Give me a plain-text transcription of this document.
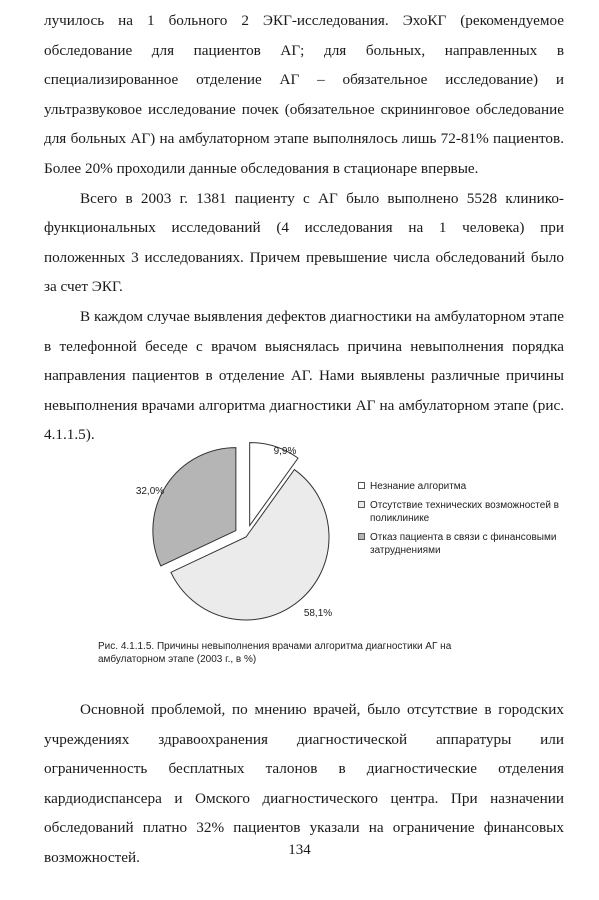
лучилось на 1 больного 2 ЭКГ-исследования. ЭхоКГ (рекомендуемое обследование для пациентов АГ; для больных, направленных в специализированное отделение АГ – обязательное исследование) и ультразвуковое исследование почек (обязательное скрининговое обследование для больных АГ) на амбулаторном этапе выполнялось лишь 72-81% пациентов. Более 20% проходили данные обследования в стационаре впервые.

Всего в 2003 г. 1381 пациенту с АГ было выполнено 5528 клинико-функциональных исследований (4 исследования на 1 человека) при положенных 3 исследованиях. Причем превышение числа обследований было за счет ЭКГ.

В каждом случае выявления дефектов диагностики на амбулаторном этапе в телефонной беседе с врачом выяснялась причина невыполнения порядка направления пациентов в отделение АГ. Нами выявлены различные причины невыполнения врачами алгоритма диагностики АГ на амбулаторном этапе (рис. 4.1.1.5).

9,9%
58,1%
32,0%	Незнание алгоритма
Отсутствие технических возможностей в поликлинике
Отказ пациента в связи с финансовыми затруднениями
Рис. 4.1.1.5. Причины невыполнения врачами алгоритма диагностики АГ на амбулаторном этапе (2003 г., в %)

Основной проблемой, по мнению врачей, было отсутствие в городских учреждениях здравоохранения диагностической аппаратуры или ограниченность бесплатных талонов в диагностические отделения кардиодиспансера и Омского диагностического центра. При назначении обследований платно 32% пациентов указали на ограничение финансовых возможностей.	134
